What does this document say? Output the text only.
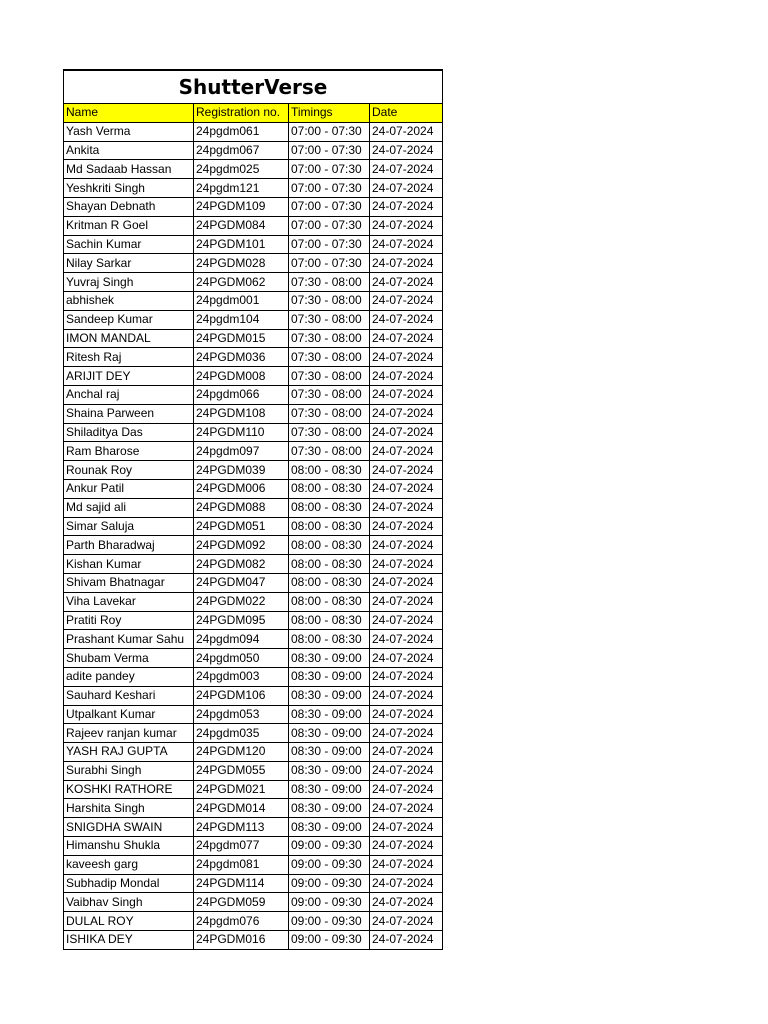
ShutterVerse			
Name	Registration no.	Timings	Date
Yash Verma	24pgdm061	07:00 - 07:30	24-07-2024
Ankita	24pgdm067	07:00 - 07:30	24-07-2024
Md Sadaab Hassan	24pgdm025	07:00 - 07:30	24-07-2024
Yeshkriti Singh	24pgdm121	07:00 - 07:30	24-07-2024
Shayan Debnath	24PGDM109	07:00 - 07:30	24-07-2024
Kritman R Goel	24PGDM084	07:00 - 07:30	24-07-2024
Sachin Kumar	24PGDM101	07:00 - 07:30	24-07-2024
Nilay Sarkar	24PGDM028	07:00 - 07:30	24-07-2024
Yuvraj Singh	24PGDM062	07:30 - 08:00	24-07-2024
abhishek	24pgdm001	07:30 - 08:00	24-07-2024
Sandeep Kumar	24pgdm104	07:30 - 08:00	24-07-2024
IMON MANDAL	24PGDM015	07:30 - 08:00	24-07-2024
Ritesh Raj	24PGDM036	07:30 - 08:00	24-07-2024
ARIJIT DEY	24PGDM008	07:30 - 08:00	24-07-2024
Anchal raj	24pgdm066	07:30 - 08:00	24-07-2024
Shaina Parween	24PGDM108	07:30 - 08:00	24-07-2024
Shiladitya Das	24PGDM110	07:30 - 08:00	24-07-2024
Ram Bharose	24pgdm097	07:30 - 08:00	24-07-2024
Rounak Roy	24PGDM039	08:00 - 08:30	24-07-2024
Ankur Patil	24PGDM006	08:00 - 08:30	24-07-2024
Md sajid ali	24PGDM088	08:00 - 08:30	24-07-2024
Simar Saluja	24PGDM051	08:00 - 08:30	24-07-2024
Parth Bharadwaj	24PGDM092	08:00 - 08:30	24-07-2024
Kishan Kumar	24PGDM082	08:00 - 08:30	24-07-2024
Shivam Bhatnagar	24PGDM047	08:00 - 08:30	24-07-2024
Viha Lavekar	24PGDM022	08:00 - 08:30	24-07-2024
Pratiti Roy	24PGDM095	08:00 - 08:30	24-07-2024
Prashant Kumar Sahu	24pgdm094	08:00 - 08:30	24-07-2024
Shubam Verma	24pgdm050	08:30 - 09:00	24-07-2024
adite pandey	24pgdm003	08:30 - 09:00	24-07-2024
Sauhard Keshari	24PGDM106	08:30 - 09:00	24-07-2024
Utpalkant Kumar	24pgdm053	08:30 - 09:00	24-07-2024
Rajeev ranjan kumar	24pgdm035	08:30 - 09:00	24-07-2024
YASH RAJ GUPTA	24PGDM120	08:30 - 09:00	24-07-2024
Surabhi Singh	24PGDM055	08:30 - 09:00	24-07-2024
KOSHKI RATHORE	24PGDM021	08:30 - 09:00	24-07-2024
Harshita Singh	24PGDM014	08:30 - 09:00	24-07-2024
SNIGDHA SWAIN	24PGDM113	08:30 - 09:00	24-07-2024
Himanshu Shukla	24pgdm077	09:00 - 09:30	24-07-2024
kaveesh garg	24pgdm081	09:00 - 09:30	24-07-2024
Subhadip Mondal	24PGDM114	09:00 - 09:30	24-07-2024
Vaibhav Singh	24PGDM059	09:00 - 09:30	24-07-2024
DULAL ROY	24pgdm076	09:00 - 09:30	24-07-2024
ISHIKA DEY	24PGDM016	09:00 - 09:30	24-07-2024
